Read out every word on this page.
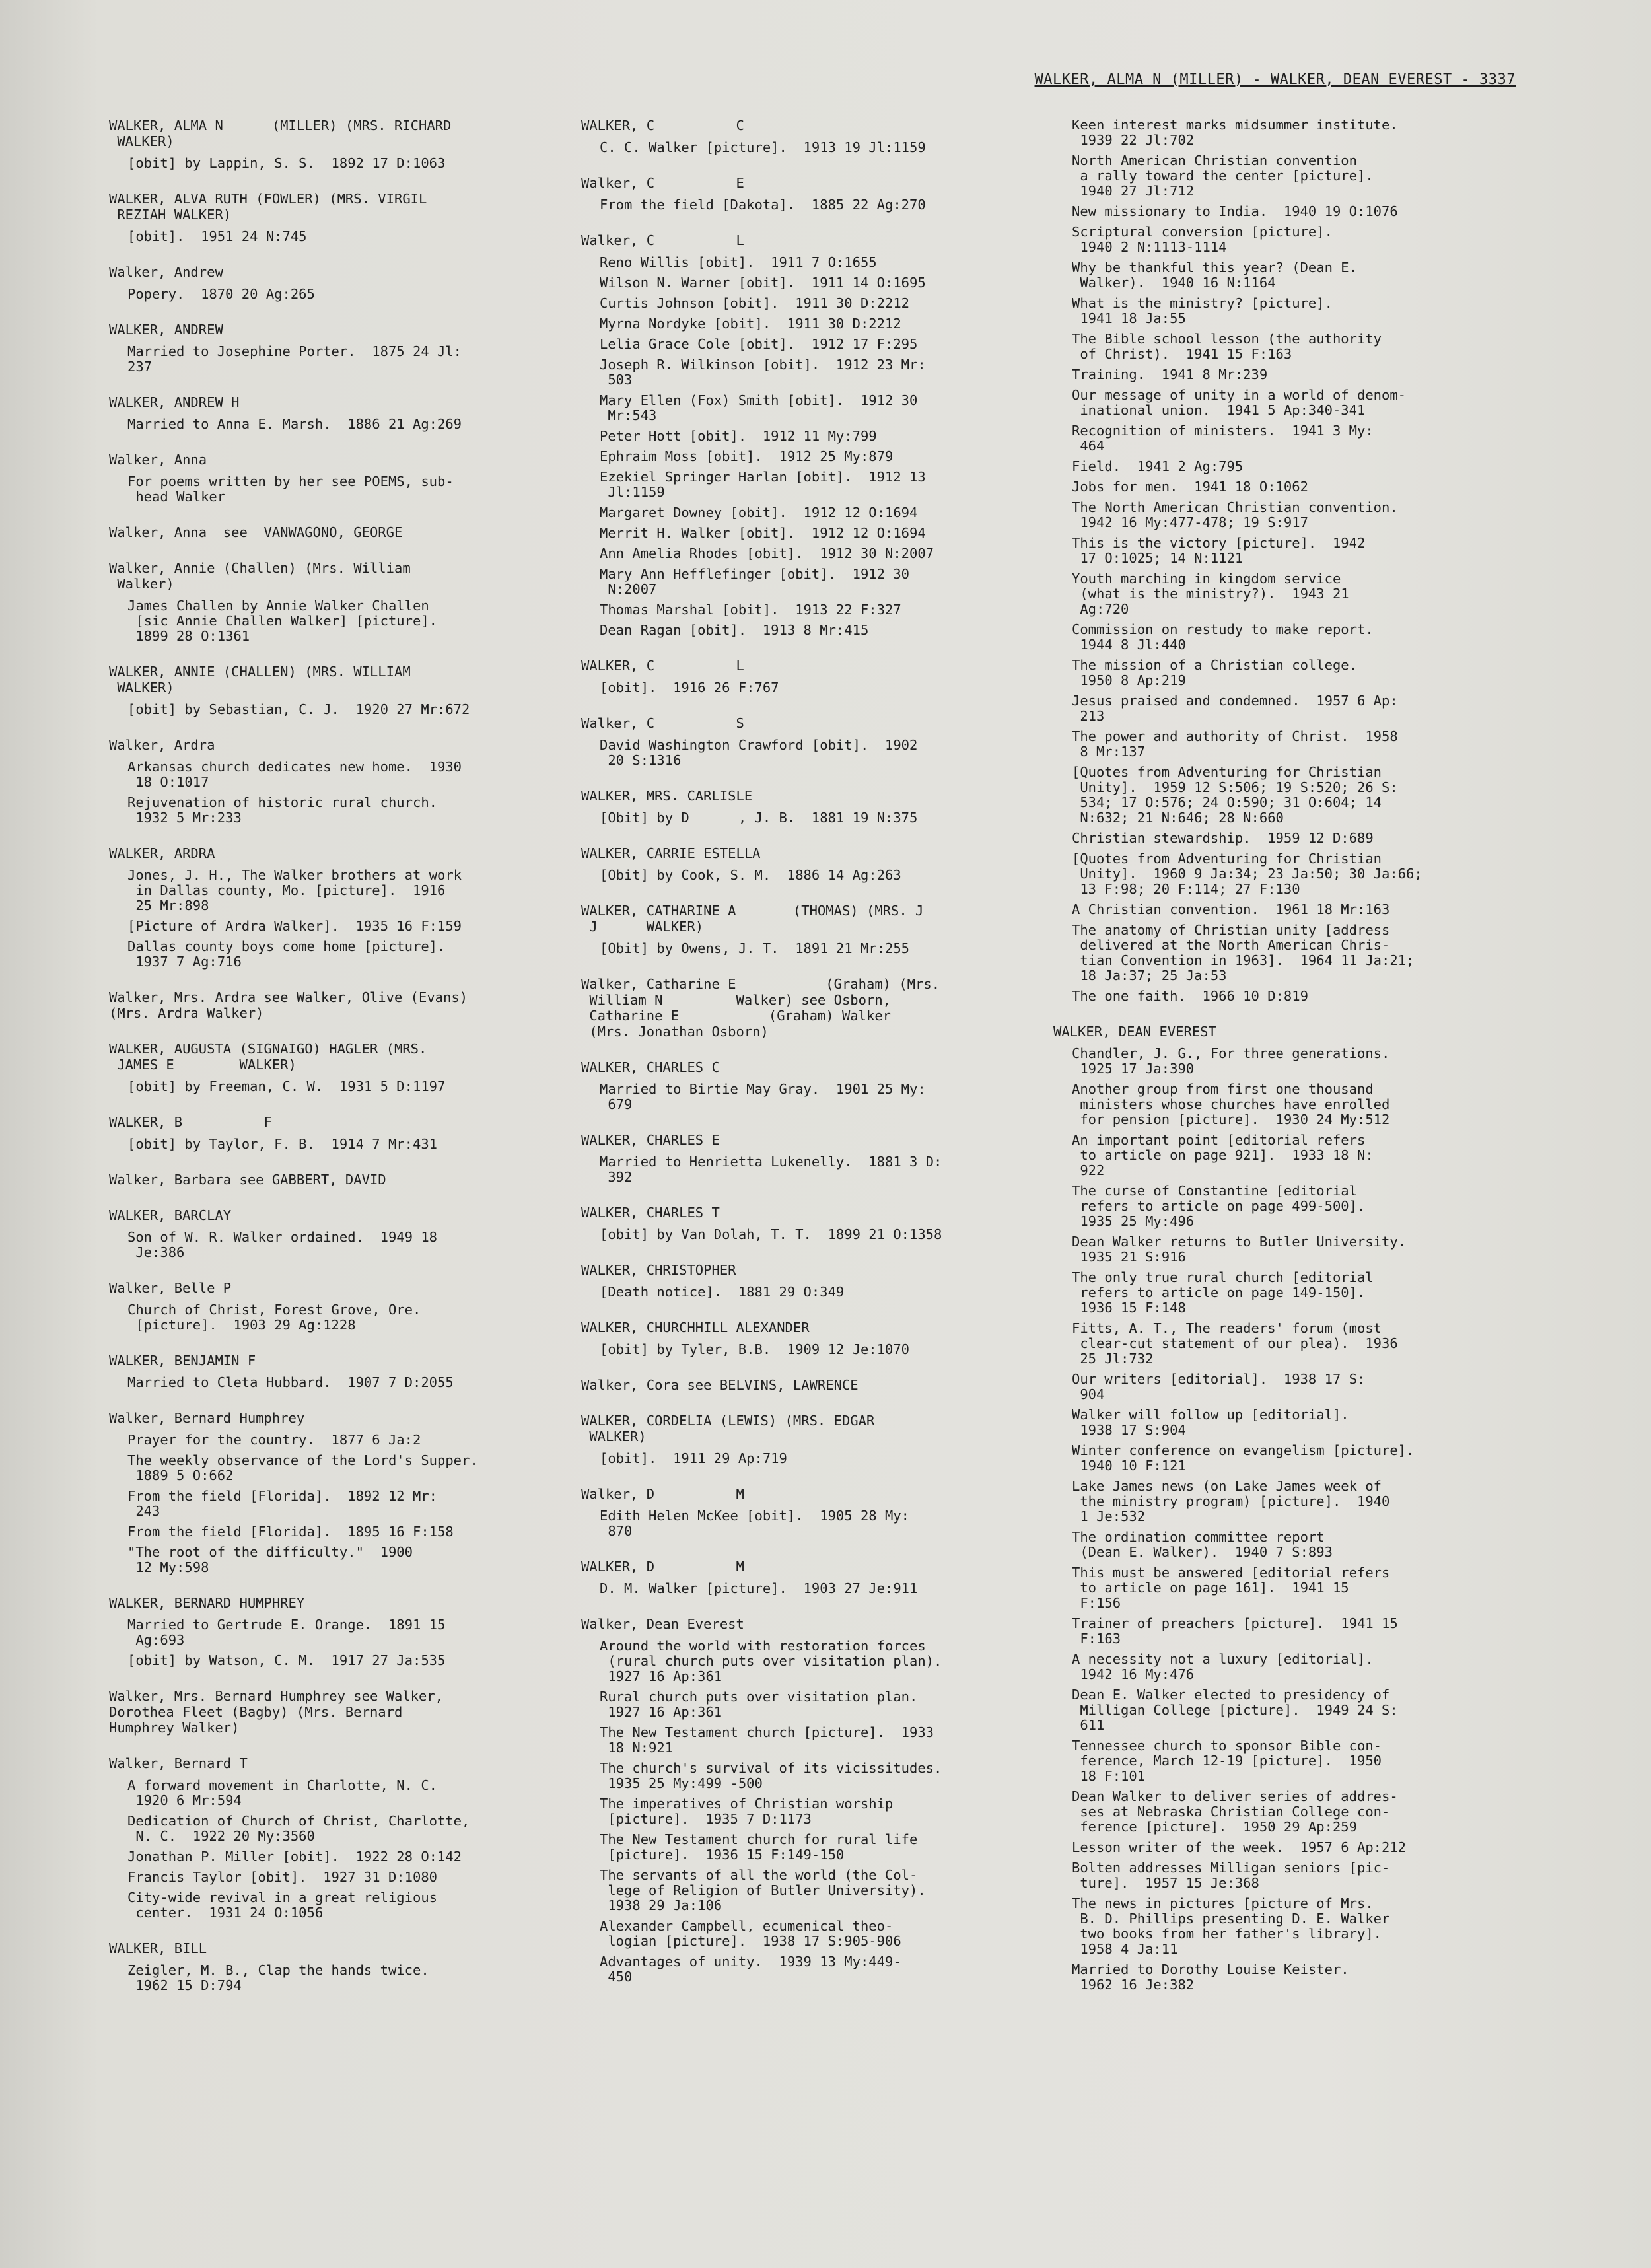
WALKER, ALMA N (MILLER) - WALKER, DEAN EVEREST - 3337
WALKER, ALMA N      (MILLER) (MRS. RICHARD
WALKER)
[obit] by Lappin, S. S.  1892 17 D:1063
WALKER, ALVA RUTH (FOWLER) (MRS. VIRGIL
REZIAH WALKER)
[obit].  1951 24 N:745
Walker, Andrew
Popery.  1870 20 Ag:265
WALKER, ANDREW
Married to Josephine Porter.  1875 24 Jl:
237
WALKER, ANDREW H
Married to Anna E. Marsh.  1886 21 Ag:269
Walker, Anna
For poems written by her see POEMS, sub-
head Walker
Walker, Anna  see  VANWAGONO, GEORGE
Walker, Annie (Challen) (Mrs. William
Walker)
James Challen by Annie Walker Challen
[sic Annie Challen Walker] [picture].
1899 28 O:1361
WALKER, ANNIE (CHALLEN) (MRS. WILLIAM
WALKER)
[obit] by Sebastian, C. J.  1920 27 Mr:672
Walker, Ardra
Arkansas church dedicates new home.  1930
18 O:1017
Rejuvenation of historic rural church.
1932 5 Mr:233
WALKER, ARDRA
Jones, J. H., The Walker brothers at work
in Dallas county, Mo. [picture].  1916
25 Mr:898
[Picture of Ardra Walker].  1935 16 F:159
Dallas county boys come home [picture].
1937 7 Ag:716
Walker, Mrs. Ardra see Walker, Olive (Evans)
(Mrs. Ardra Walker)
WALKER, AUGUSTA (SIGNAIGO) HAGLER (MRS.
JAMES E        WALKER)
[obit] by Freeman, C. W.  1931 5 D:1197
WALKER, B          F
[obit] by Taylor, F. B.  1914 7 Mr:431
Walker, Barbara see GABBERT, DAVID
WALKER, BARCLAY
Son of W. R. Walker ordained.  1949 18
Je:386
Walker, Belle P
Church of Christ, Forest Grove, Ore.
[picture].  1903 29 Ag:1228
WALKER, BENJAMIN F
Married to Cleta Hubbard.  1907 7 D:2055
Walker, Bernard Humphrey
Prayer for the country.  1877 6 Ja:2
The weekly observance of the Lord's Supper.
1889 5 O:662
From the field [Florida].  1892 12 Mr:
243
From the field [Florida].  1895 16 F:158
"The root of the difficulty."  1900
12 My:598
WALKER, BERNARD HUMPHREY
Married to Gertrude E. Orange.  1891 15
Ag:693
[obit] by Watson, C. M.  1917 27 Ja:535
Walker, Mrs. Bernard Humphrey see Walker,
Dorothea Fleet (Bagby) (Mrs. Bernard
Humphrey Walker)
Walker, Bernard T
A forward movement in Charlotte, N. C.
1920 6 Mr:594
Dedication of Church of Christ, Charlotte,
N. C.  1922 20 My:3560
Jonathan P. Miller [obit].  1922 28 O:142
Francis Taylor [obit].  1927 31 D:1080
City-wide revival in a great religious
center.  1931 24 O:1056
WALKER, BILL
Zeigler, M. B., Clap the hands twice.
1962 15 D:794
WALKER, C          C
C. C. Walker [picture].  1913 19 Jl:1159
Walker, C          E
From the field [Dakota].  1885 22 Ag:270
Walker, C          L
Reno Willis [obit].  1911 7 O:1655
Wilson N. Warner [obit].  1911 14 O:1695
Curtis Johnson [obit].  1911 30 D:2212
Myrna Nordyke [obit].  1911 30 D:2212
Lelia Grace Cole [obit].  1912 17 F:295
Joseph R. Wilkinson [obit].  1912 23 Mr:
503
Mary Ellen (Fox) Smith [obit].  1912 30
Mr:543
Peter Hott [obit].  1912 11 My:799
Ephraim Moss [obit].  1912 25 My:879
Ezekiel Springer Harlan [obit].  1912 13
Jl:1159
Margaret Downey [obit].  1912 12 O:1694
Merrit H. Walker [obit].  1912 12 O:1694
Ann Amelia Rhodes [obit].  1912 30 N:2007
Mary Ann Hefflefinger [obit].  1912 30
N:2007
Thomas Marshal [obit].  1913 22 F:327
Dean Ragan [obit].  1913 8 Mr:415
WALKER, C          L
[obit].  1916 26 F:767
Walker, C          S
David Washington Crawford [obit].  1902
20 S:1316
WALKER, MRS. CARLISLE
[Obit] by D      , J. B.  1881 19 N:375
WALKER, CARRIE ESTELLA
[Obit] by Cook, S. M.  1886 14 Ag:263
WALKER, CATHARINE A       (THOMAS) (MRS. J
J      WALKER)
[Obit] by Owens, J. T.  1891 21 Mr:255
Walker, Catharine E           (Graham) (Mrs.
William N         Walker) see Osborn,
Catharine E           (Graham) Walker
(Mrs. Jonathan Osborn)
WALKER, CHARLES C
Married to Birtie May Gray.  1901 25 My:
679
WALKER, CHARLES E
Married to Henrietta Lukenelly.  1881 3 D:
392
WALKER, CHARLES T
[obit] by Van Dolah, T. T.  1899 21 O:1358
WALKER, CHRISTOPHER
[Death notice].  1881 29 O:349
WALKER, CHURCHHILL ALEXANDER
[obit] by Tyler, B.B.  1909 12 Je:1070
Walker, Cora see BELVINS, LAWRENCE
WALKER, CORDELIA (LEWIS) (MRS. EDGAR
WALKER)
[obit].  1911 29 Ap:719
Walker, D          M
Edith Helen McKee [obit].  1905 28 My:
870
WALKER, D          M
D. M. Walker [picture].  1903 27 Je:911
Walker, Dean Everest
Around the world with restoration forces
(rural church puts over visitation plan).
1927 16 Ap:361
Rural church puts over visitation plan.
1927 16 Ap:361
The New Testament church [picture].  1933
18 N:921
The church's survival of its vicissitudes.
1935 25 My:499 -500
The imperatives of Christian worship
[picture].  1935 7 D:1173
The New Testament church for rural life
[picture].  1936 15 F:149-150
The servants of all the world (the Col-
lege of Religion of Butler University).
1938 29 Ja:106
Alexander Campbell, ecumenical theo-
logian [picture].  1938 17 S:905-906
Advantages of unity.  1939 13 My:449-
450
Keen interest marks midsummer institute.
1939 22 Jl:702
North American Christian convention
a rally toward the center [picture].
1940 27 Jl:712
New missionary to India.  1940 19 O:1076
Scriptural conversion [picture].
1940 2 N:1113-1114
Why be thankful this year? (Dean E.
Walker).  1940 16 N:1164
What is the ministry? [picture].
1941 18 Ja:55
The Bible school lesson (the authority
of Christ).  1941 15 F:163
Training.  1941 8 Mr:239
Our message of unity in a world of denom-
inational union.  1941 5 Ap:340-341
Recognition of ministers.  1941 3 My:
464
Field.  1941 2 Ag:795
Jobs for men.  1941 18 O:1062
The North American Christian convention.
1942 16 My:477-478; 19 S:917
This is the victory [picture].  1942
17 O:1025; 14 N:1121
Youth marching in kingdom service
(what is the ministry?).  1943 21
Ag:720
Commission on restudy to make report.
1944 8 Jl:440
The mission of a Christian college.
1950 8 Ap:219
Jesus praised and condemned.  1957 6 Ap:
213
The power and authority of Christ.  1958
8 Mr:137
[Quotes from Adventuring for Christian
Unity].  1959 12 S:506; 19 S:520; 26 S:
534; 17 O:576; 24 O:590; 31 O:604; 14
N:632; 21 N:646; 28 N:660
Christian stewardship.  1959 12 D:689
[Quotes from Adventuring for Christian
Unity].  1960 9 Ja:34; 23 Ja:50; 30 Ja:66;
13 F:98; 20 F:114; 27 F:130
A Christian convention.  1961 18 Mr:163
The anatomy of Christian unity [address
delivered at the North American Chris-
tian Convention in 1963].  1964 11 Ja:21;
18 Ja:37; 25 Ja:53
The one faith.  1966 10 D:819
WALKER, DEAN EVEREST
Chandler, J. G., For three generations.
1925 17 Ja:390
Another group from first one thousand
ministers whose churches have enrolled
for pension [picture].  1930 24 My:512
An important point [editorial refers
to article on page 921].  1933 18 N:
922
The curse of Constantine [editorial
refers to article on page 499-500].
1935 25 My:496
Dean Walker returns to Butler University.
1935 21 S:916
The only true rural church [editorial
refers to article on page 149-150].
1936 15 F:148
Fitts, A. T., The readers' forum (most
clear-cut statement of our plea).  1936
25 Jl:732
Our writers [editorial].  1938 17 S:
904
Walker will follow up [editorial].
1938 17 S:904
Winter conference on evangelism [picture].
1940 10 F:121
Lake James news (on Lake James week of
the ministry program) [picture].  1940
1 Je:532
The ordination committee report
(Dean E. Walker).  1940 7 S:893
This must be answered [editorial refers
to article on page 161].  1941 15
F:156
Trainer of preachers [picture].  1941 15
F:163
A necessity not a luxury [editorial].
1942 16 My:476
Dean E. Walker elected to presidency of
Milligan College [picture].  1949 24 S:
611
Tennessee church to sponsor Bible con-
ference, March 12-19 [picture].  1950
18 F:101
Dean Walker to deliver series of addres-
ses at Nebraska Christian College con-
ference [picture].  1950 29 Ap:259
Lesson writer of the week.  1957 6 Ap:212
Bolten addresses Milligan seniors [pic-
ture].  1957 15 Je:368
The news in pictures [picture of Mrs.
B. D. Phillips presenting D. E. Walker
two books from her father's library].
1958 4 Ja:11
Married to Dorothy Louise Keister.
1962 16 Je:382
